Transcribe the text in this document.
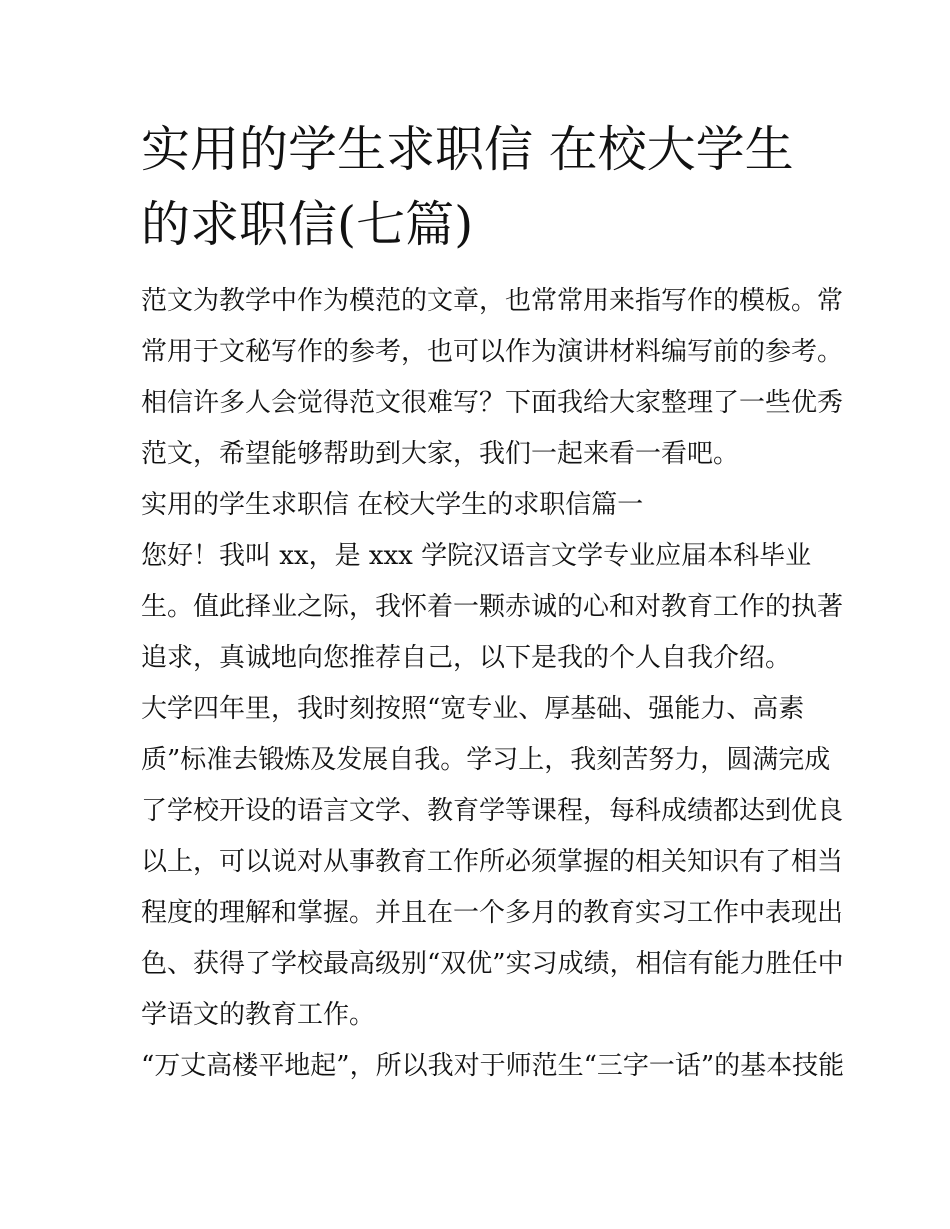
实用的学生求职信 在校大学生
的求职信(七篇)

范文为教学中作为模范的文章，也常常用来指写作的模板。常

常用于文秘写作的参考，也可以作为演讲材料编写前的参考。

相信许多人会觉得范文很难写？下面我给大家整理了一些优秀

范文，希望能够帮助到大家，我们一起来看一看吧。

实用的学生求职信 在校大学生的求职信篇一

您好！我叫 xx，是 xxx 学院汉语言文学专业应届本科毕业

生。值此择业之际，我怀着一颗赤诚的心和对教育工作的执著

追求，真诚地向您推荐自己，以下是我的个人自我介绍。

大学四年里，我时刻按照“宽专业、厚基础、强能力、高素

质”标准去锻炼及发展自我。学习上，我刻苦努力，圆满完成

了学校开设的语言文学、教育学等课程，每科成绩都达到优良

以上，可以说对从事教育工作所必须掌握的相关知识有了相当

程度的理解和掌握。并且在一个多月的教育实习工作中表现出

色、获得了学校最高级别“双优”实习成绩，相信有能力胜任中

学语文的教育工作。

“万丈高楼平地起”，所以我对于师范生“三字一话”的基本技能
